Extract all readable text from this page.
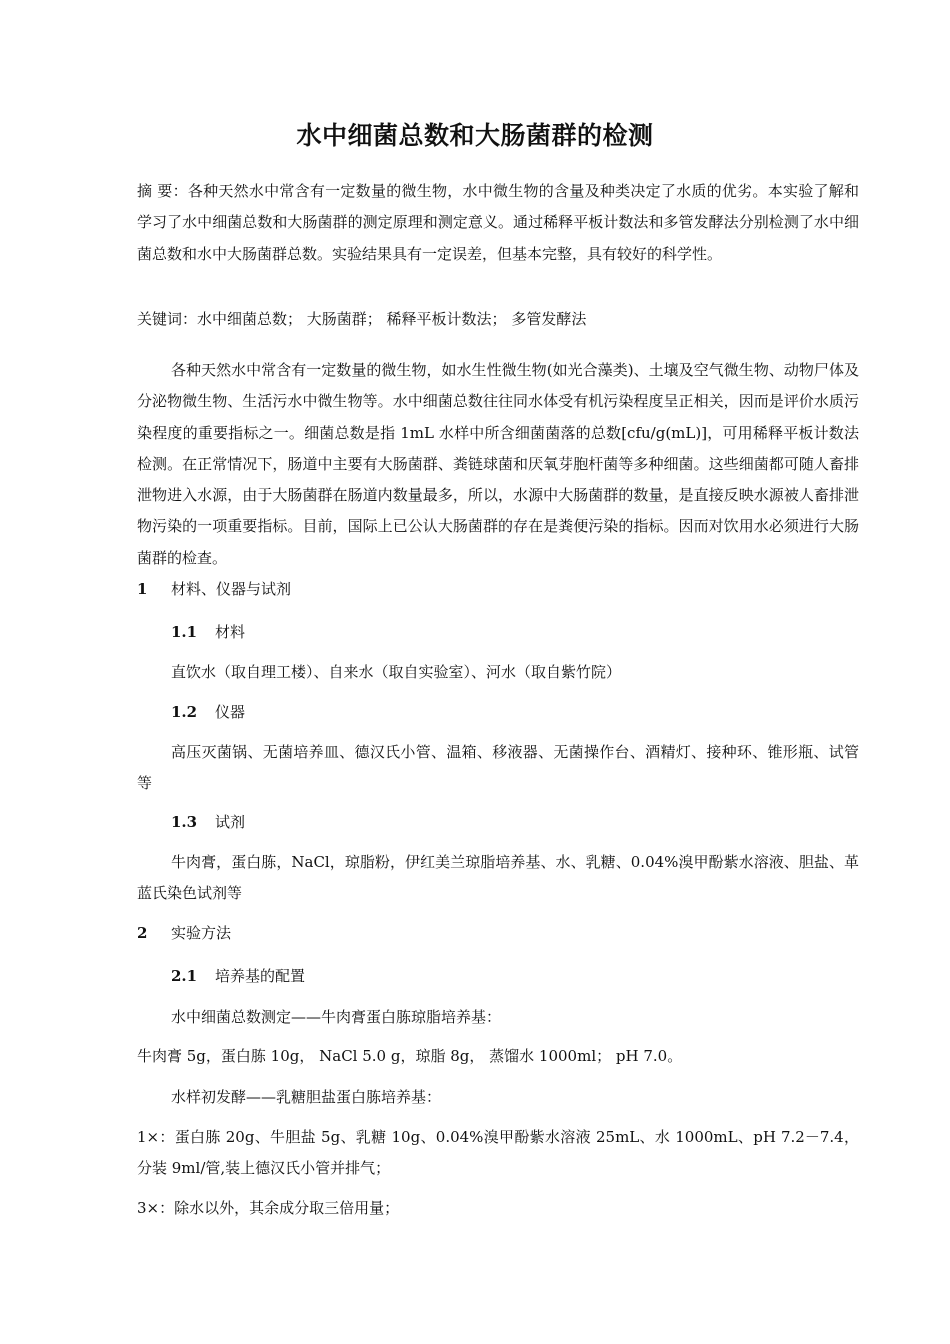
水中细菌总数和大肠菌群的检测

摘 要：各种天然水中常含有一定数量的微生物，水中微生物的含量及种类决定了水质的优劣。本实验了解和学习了水中细菌总数和大肠菌群的测定原理和测定意义。通过稀释平板计数法和多管发酵法分别检测了水中细菌总数和水中大肠菌群总数。实验结果具有一定误差，但基本完整，具有较好的科学性。

关键词：水中细菌总数； 大肠菌群； 稀释平板计数法； 多管发酵法

各种天然水中常含有一定数量的微生物，如水生性微生物(如光合藻类)、土壤及空气微生物、动物尸体及分泌物微生物、生活污水中微生物等。水中细菌总数往往同水体受有机污染程度呈正相关，因而是评价水质污染程度的重要指标之一。细菌总数是指 1mL 水样中所含细菌菌落的总数[cfu/g(mL)]，可用稀释平板计数法检测。在正常情况下，肠道中主要有大肠菌群、粪链球菌和厌氧芽胞杆菌等多种细菌。这些细菌都可随人畜排泄物进入水源，由于大肠菌群在肠道内数量最多，所以，水源中大肠菌群的数量，是直接反映水源被人畜排泄物污染的一项重要指标。目前，国际上已公认大肠菌群的存在是粪便污染的指标。因而对饮用水必须进行大肠菌群的检查。

1 材料、仪器与试剂
1.1 材料

直饮水（取自理工楼）、自来水（取自实验室）、河水（取自紫竹院）

1.2 仪器

高压灭菌锅、无菌培养皿、德汉氏小管、温箱、移液器、无菌操作台、酒精灯、接种环、锥形瓶、试管等

1.3 试剂

牛肉膏，蛋白胨，NaCl，琼脂粉，伊红美兰琼脂培养基、水、乳糖、0.04%溴甲酚紫水溶液、胆盐、革蓝氏染色试剂等

2 实验方法
2.1 培养基的配置
水中细菌总数测定——牛肉膏蛋白胨琼脂培养基：
牛肉膏 5g，蛋白胨 10g， NaCl 5.0 g，琼脂 8g， 蒸馏水 1000ml； pH 7.0。
水样初发酵——乳糖胆盐蛋白胨培养基：

1×：蛋白胨 20g、牛胆盐 5g、乳糖 10g、0.04%溴甲酚紫水溶液 25mL、水 1000mL、pH 7.2－7.4，分装 9ml/管,装上德汉氏小管并排气；

3×：除水以外，其余成分取三倍用量；
